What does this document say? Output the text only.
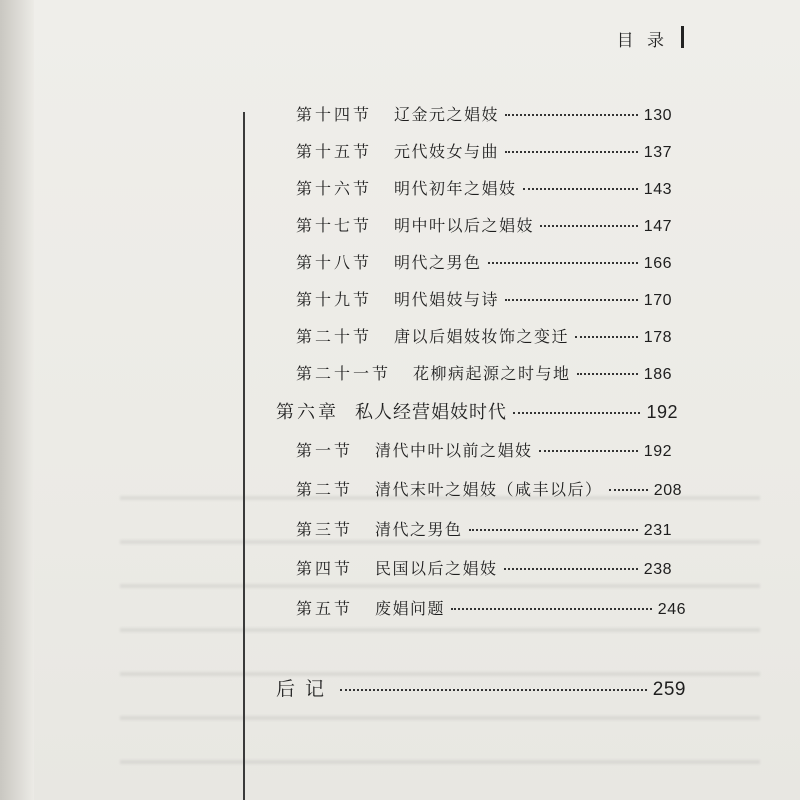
目 录
第十四节 辽金元之娼妓	130
第十五节 元代妓女与曲	137
第十六节 明代初年之娼妓	143
第十七节 明中叶以后之娼妓	147
第十八节 明代之男色	166
第十九节 明代娼妓与诗	170
第二十节 唐以后娼妓妆饰之变迁	178
第二十一节 花柳病起源之时与地	186
第六章 私人经营娼妓时代	192
第一节 清代中叶以前之娼妓	192
第二节 清代末叶之娼妓（咸丰以后）	208
第三节 清代之男色	231
第四节 民国以后之娼妓	238
第五节 废娼问题	246
后记	259
